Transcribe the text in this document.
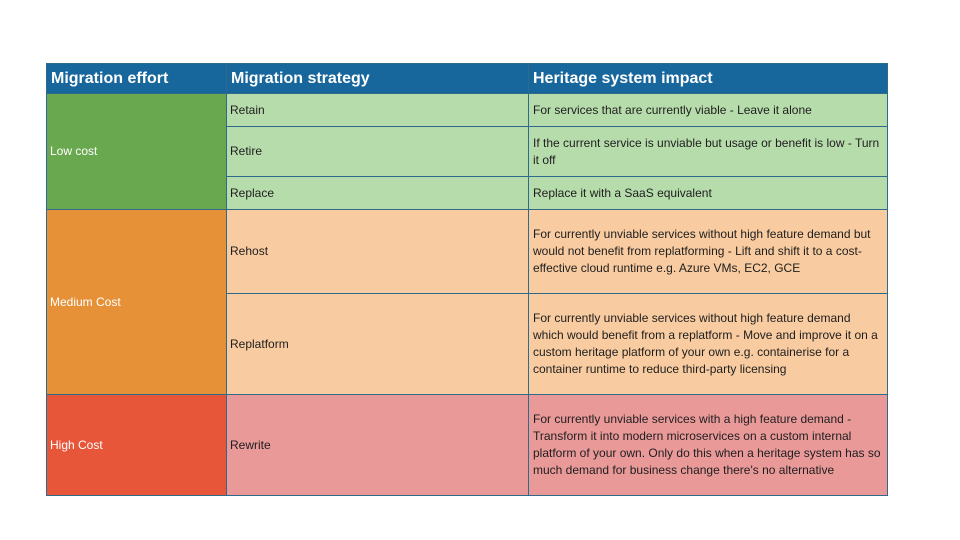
Migration effort	Migration strategy	Heritage system impact
Low cost	Retain	For services that are currently viable - Leave it alone
	Retire	If the current service is unviable but usage or benefit is low - Turn it off
	Replace	Replace it with a SaaS equivalent
Medium Cost	Rehost	For currently unviable services without high feature demand but would not benefit from replatforming - Lift and shift it to a cost-effective cloud runtime e.g. Azure VMs, EC2, GCE
	Replatform	For currently unviable services without high feature demand which would benefit from a replatform - Move and improve it on a custom heritage platform of your own e.g. containerise for a container runtime to reduce third-party licensing
High Cost	Rewrite	For currently unviable services with a high feature demand - Transform it into modern microservices on a custom internal platform of your own. Only do this when a heritage system has so much demand for business change there's no alternative
